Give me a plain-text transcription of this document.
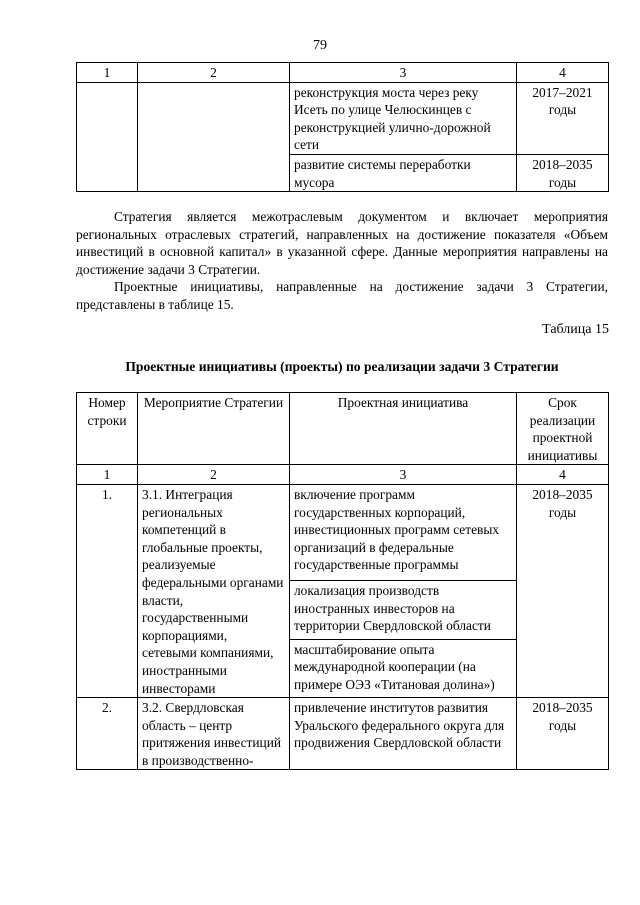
79
1	2	3	4
		реконструкция моста через реку Исеть по улице Челюскинцев с реконструкцией улично-дорожной сети	2017–2021 годы
		развитие системы переработки мусора	2018–2035 годы

Стратегия является межотраслевым документом и включает мероприятия региональных отраслевых стратегий, направленных на достижение показателя «Объем инвестиций в основной капитал» в указанной сфере. Данные мероприятия направлены на достижение задачи 3 Стратегии.

Проектные инициативы, направленные на достижение задачи 3 Стратегии, представлены в таблице 15.

Таблица 15
Проектные инициативы (проекты) по реализации задачи 3 Стратегии
Номер строки	Мероприятие Стратегии	Проектная инициатива	Срок реализации проектной инициативы
1	2	3	4
1.	3.1. Интеграция региональных компетенций в глобальные проекты, реализуемые федеральными органами власти, государственными корпорациями, сетевыми компаниями, иностранными инвесторами	включение программ государственных корпораций, инвестиционных программ сетевых организаций в федеральные государственные программы	2018–2035 годы
		локализация производств иностранных инвесторов на территории Свердловской области	
		масштабирование опыта международной кооперации (на примере ОЭЗ «Титановая долина»)	
2.	3.2. Свердловская область – центр притяжения инвестиций в производственно-	привлечение институтов развития Уральского федерального округа для продвижения Свердловской области	2018–2035 годы
